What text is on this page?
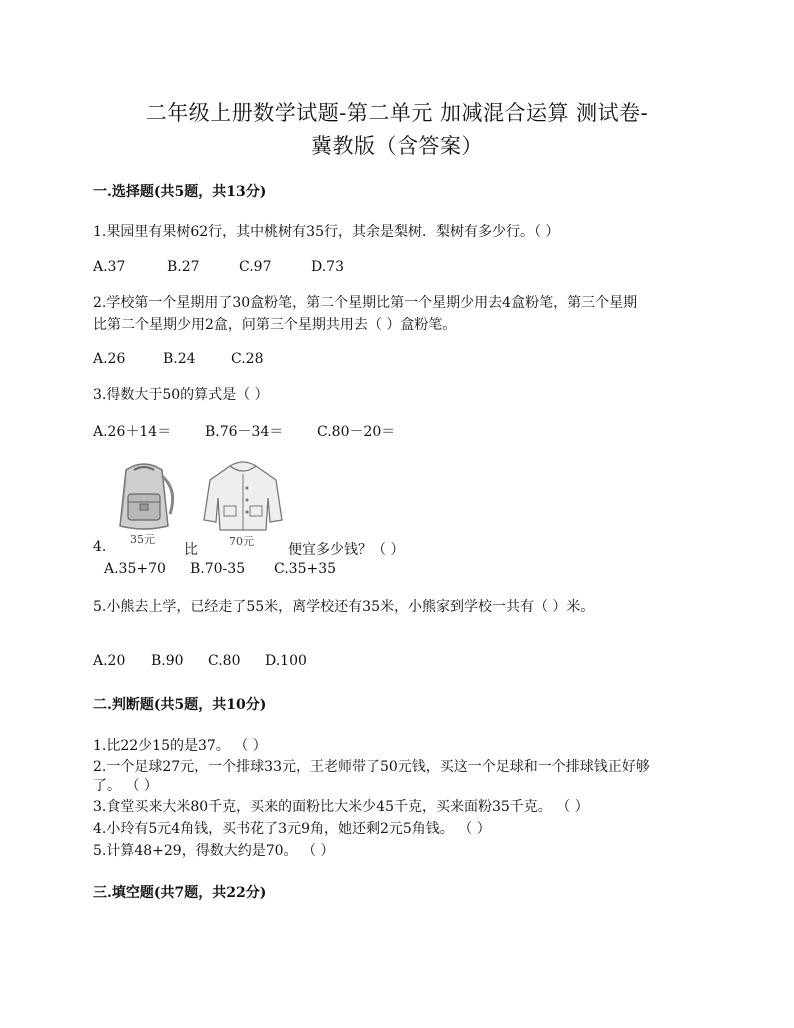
二年级上册数学试题-第二单元 加减混合运算 测试卷-
冀教版（含答案）
一.选择题(共5题，共13分)
1.果园里有果树62行，其中桃树有35行，其余是梨树．梨树有多少行。（ ）
A.37	B.27	C.97	D.73
2.学校第一个星期用了30盒粉笔，第二个星期比第一个星期少用去4盒粉笔，第三个星期
比第二个星期少用2盒，问第三个星期共用去（ ）盒粉笔。
A.26	B.24	C.28
3.得数大于50的算式是（ ）
A.26＋14＝ B.76－34＝ C.80－20＝
35元	70元
4.	比	便宜多少钱？（ ）
A.35+70 B.70-35 C.35+35
5.小熊去上学，已经走了55米，离学校还有35米，小熊家到学校一共有（ ）米。
A.20 B.90 C.80 D.100
二.判断题(共5题，共10分)
1.比22少15的是37。 （ ）
2.一个足球27元，一个排球33元，王老师带了50元钱，买这一个足球和一个排球钱正好够
了。 （ ）
3.食堂买来大米80千克，买来的面粉比大米少45千克，买来面粉35千克。 （ ）
4.小玲有5元4角钱，买书花了3元9角，她还剩2元5角钱。 （ ）
5.计算48+29，得数大约是70。 （ ）
三.填空题(共7题，共22分)
